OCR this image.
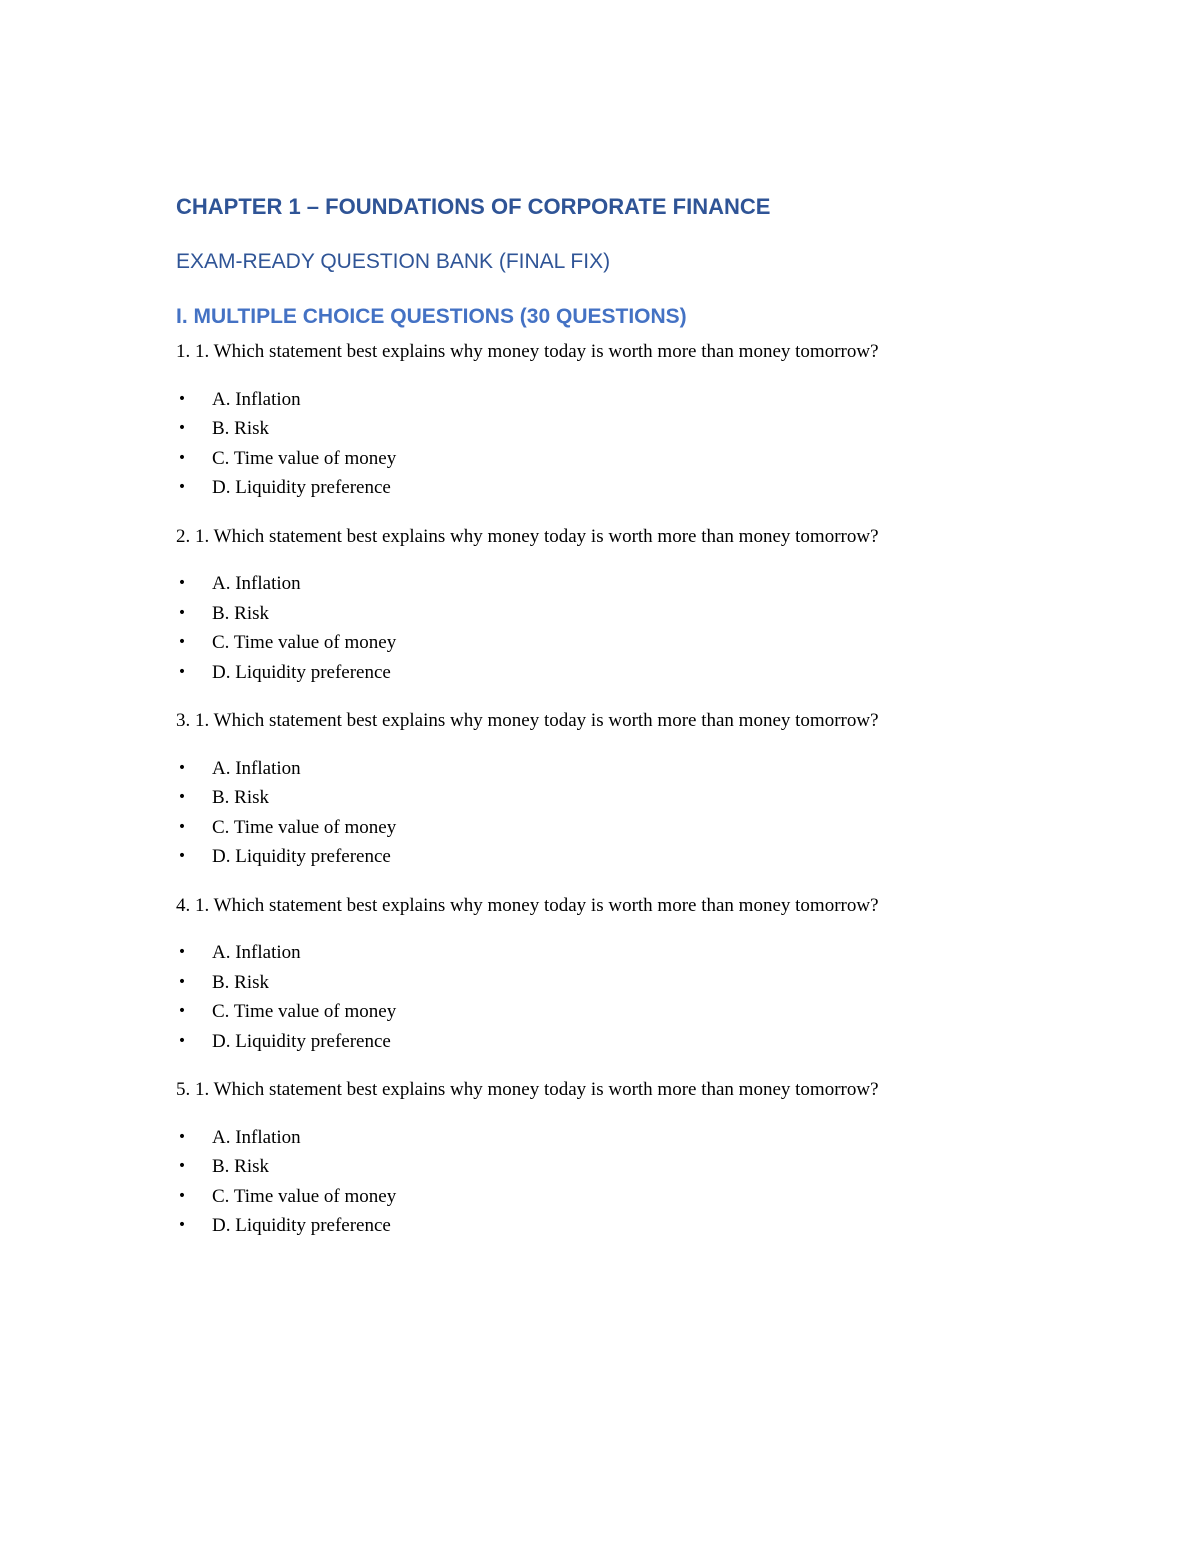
CHAPTER 1 – FOUNDATIONS OF CORPORATE FINANCE
EXAM-READY QUESTION BANK (FINAL FIX)
I. MULTIPLE CHOICE QUESTIONS (30 QUESTIONS)

1. 1. Which statement best explains why money today is worth more than money tomorrow?

• A. Inflation
• B. Risk
• C. Time value of money
• D. Liquidity preference

2. 1. Which statement best explains why money today is worth more than money tomorrow?

• A. Inflation
• B. Risk
• C. Time value of money
• D. Liquidity preference

3. 1. Which statement best explains why money today is worth more than money tomorrow?

• A. Inflation
• B. Risk
• C. Time value of money
• D. Liquidity preference

4. 1. Which statement best explains why money today is worth more than money tomorrow?

• A. Inflation
• B. Risk
• C. Time value of money
• D. Liquidity preference

5. 1. Which statement best explains why money today is worth more than money tomorrow?

• A. Inflation
• B. Risk
• C. Time value of money
• D. Liquidity preference
